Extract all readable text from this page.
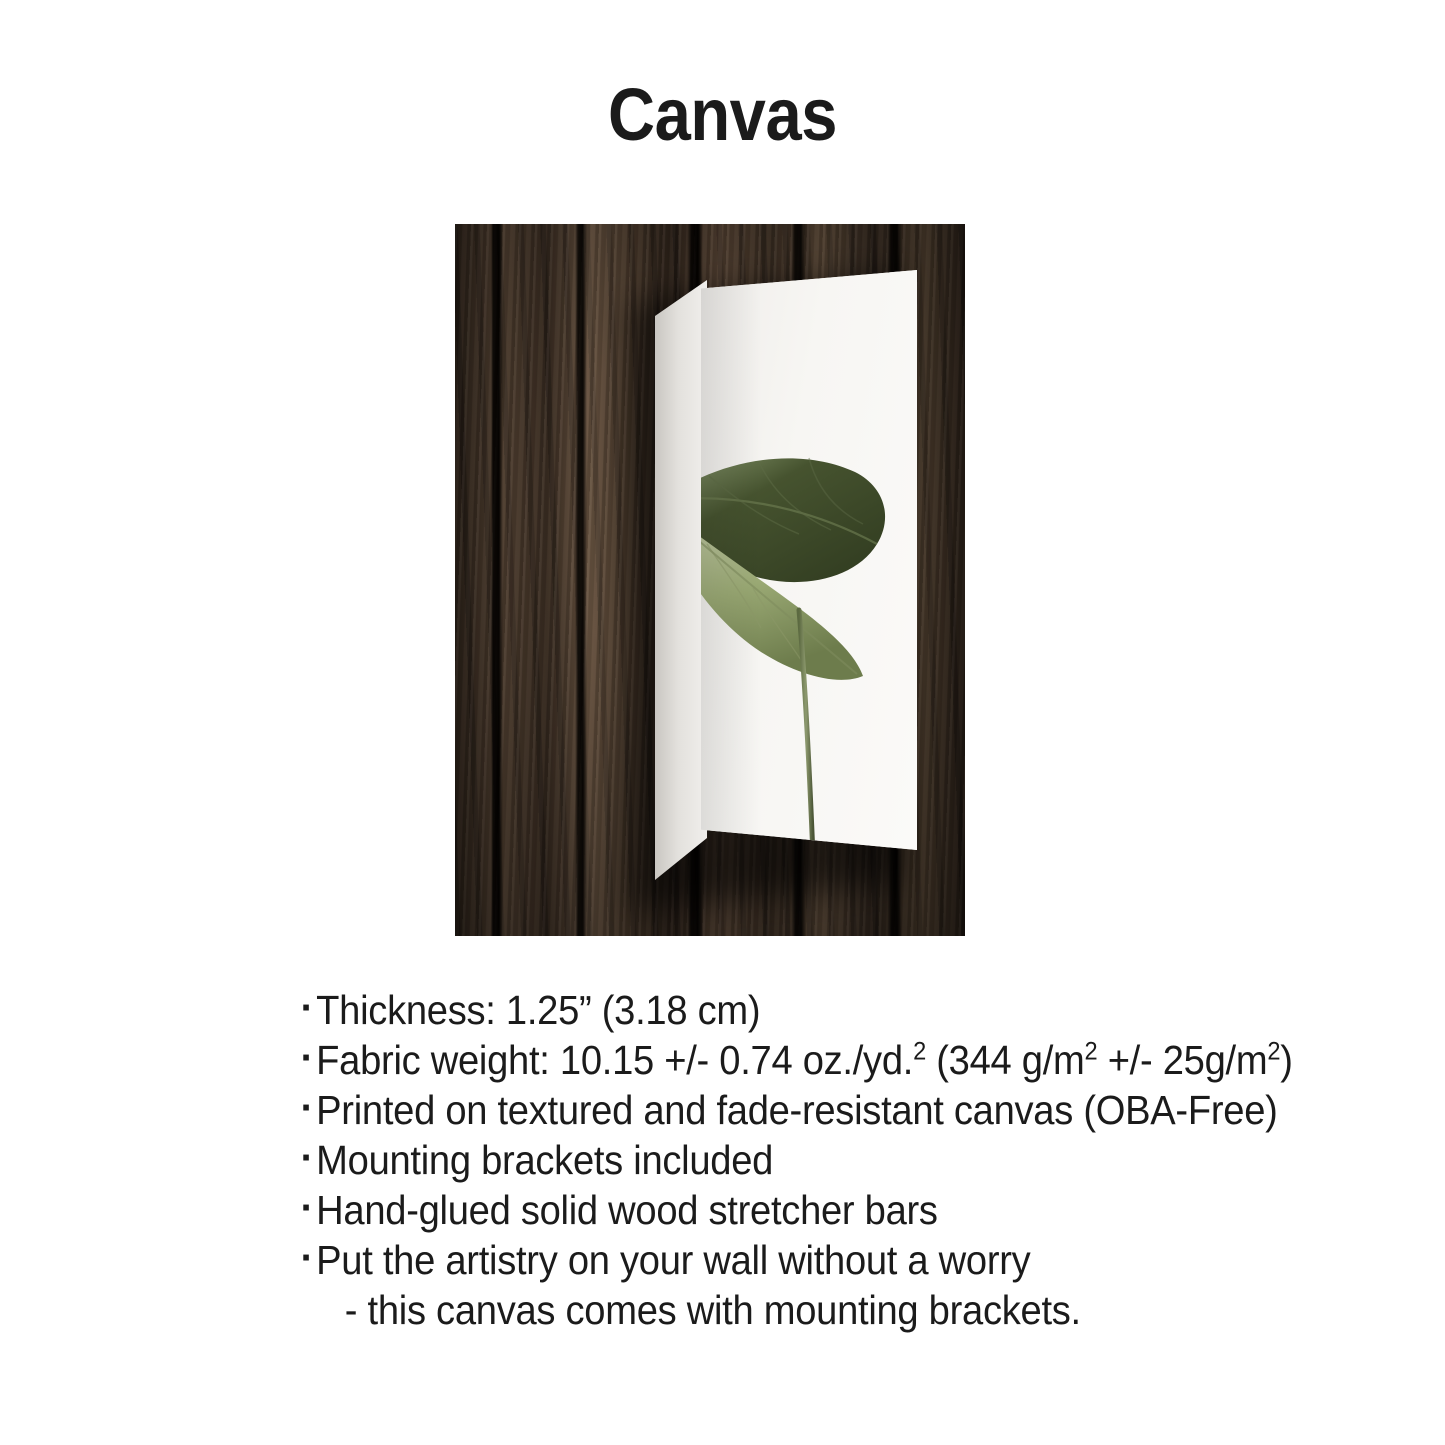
Canvas
▪ Thickness: 1.25” (3.18 cm)
▪ Fabric weight: 10.15 +/- 0.74 oz./yd.$^2$ (344 $g/m^2$ +/- $25g/m^2$)
▪ Printed on textured and fade-resistant canvas (OBA-Free)
▪ Mounting brackets included
▪ Hand-glued solid wood stretcher bars
▪ Put the artistry on your wall without a worry
- this canvas comes with mounting brackets.
